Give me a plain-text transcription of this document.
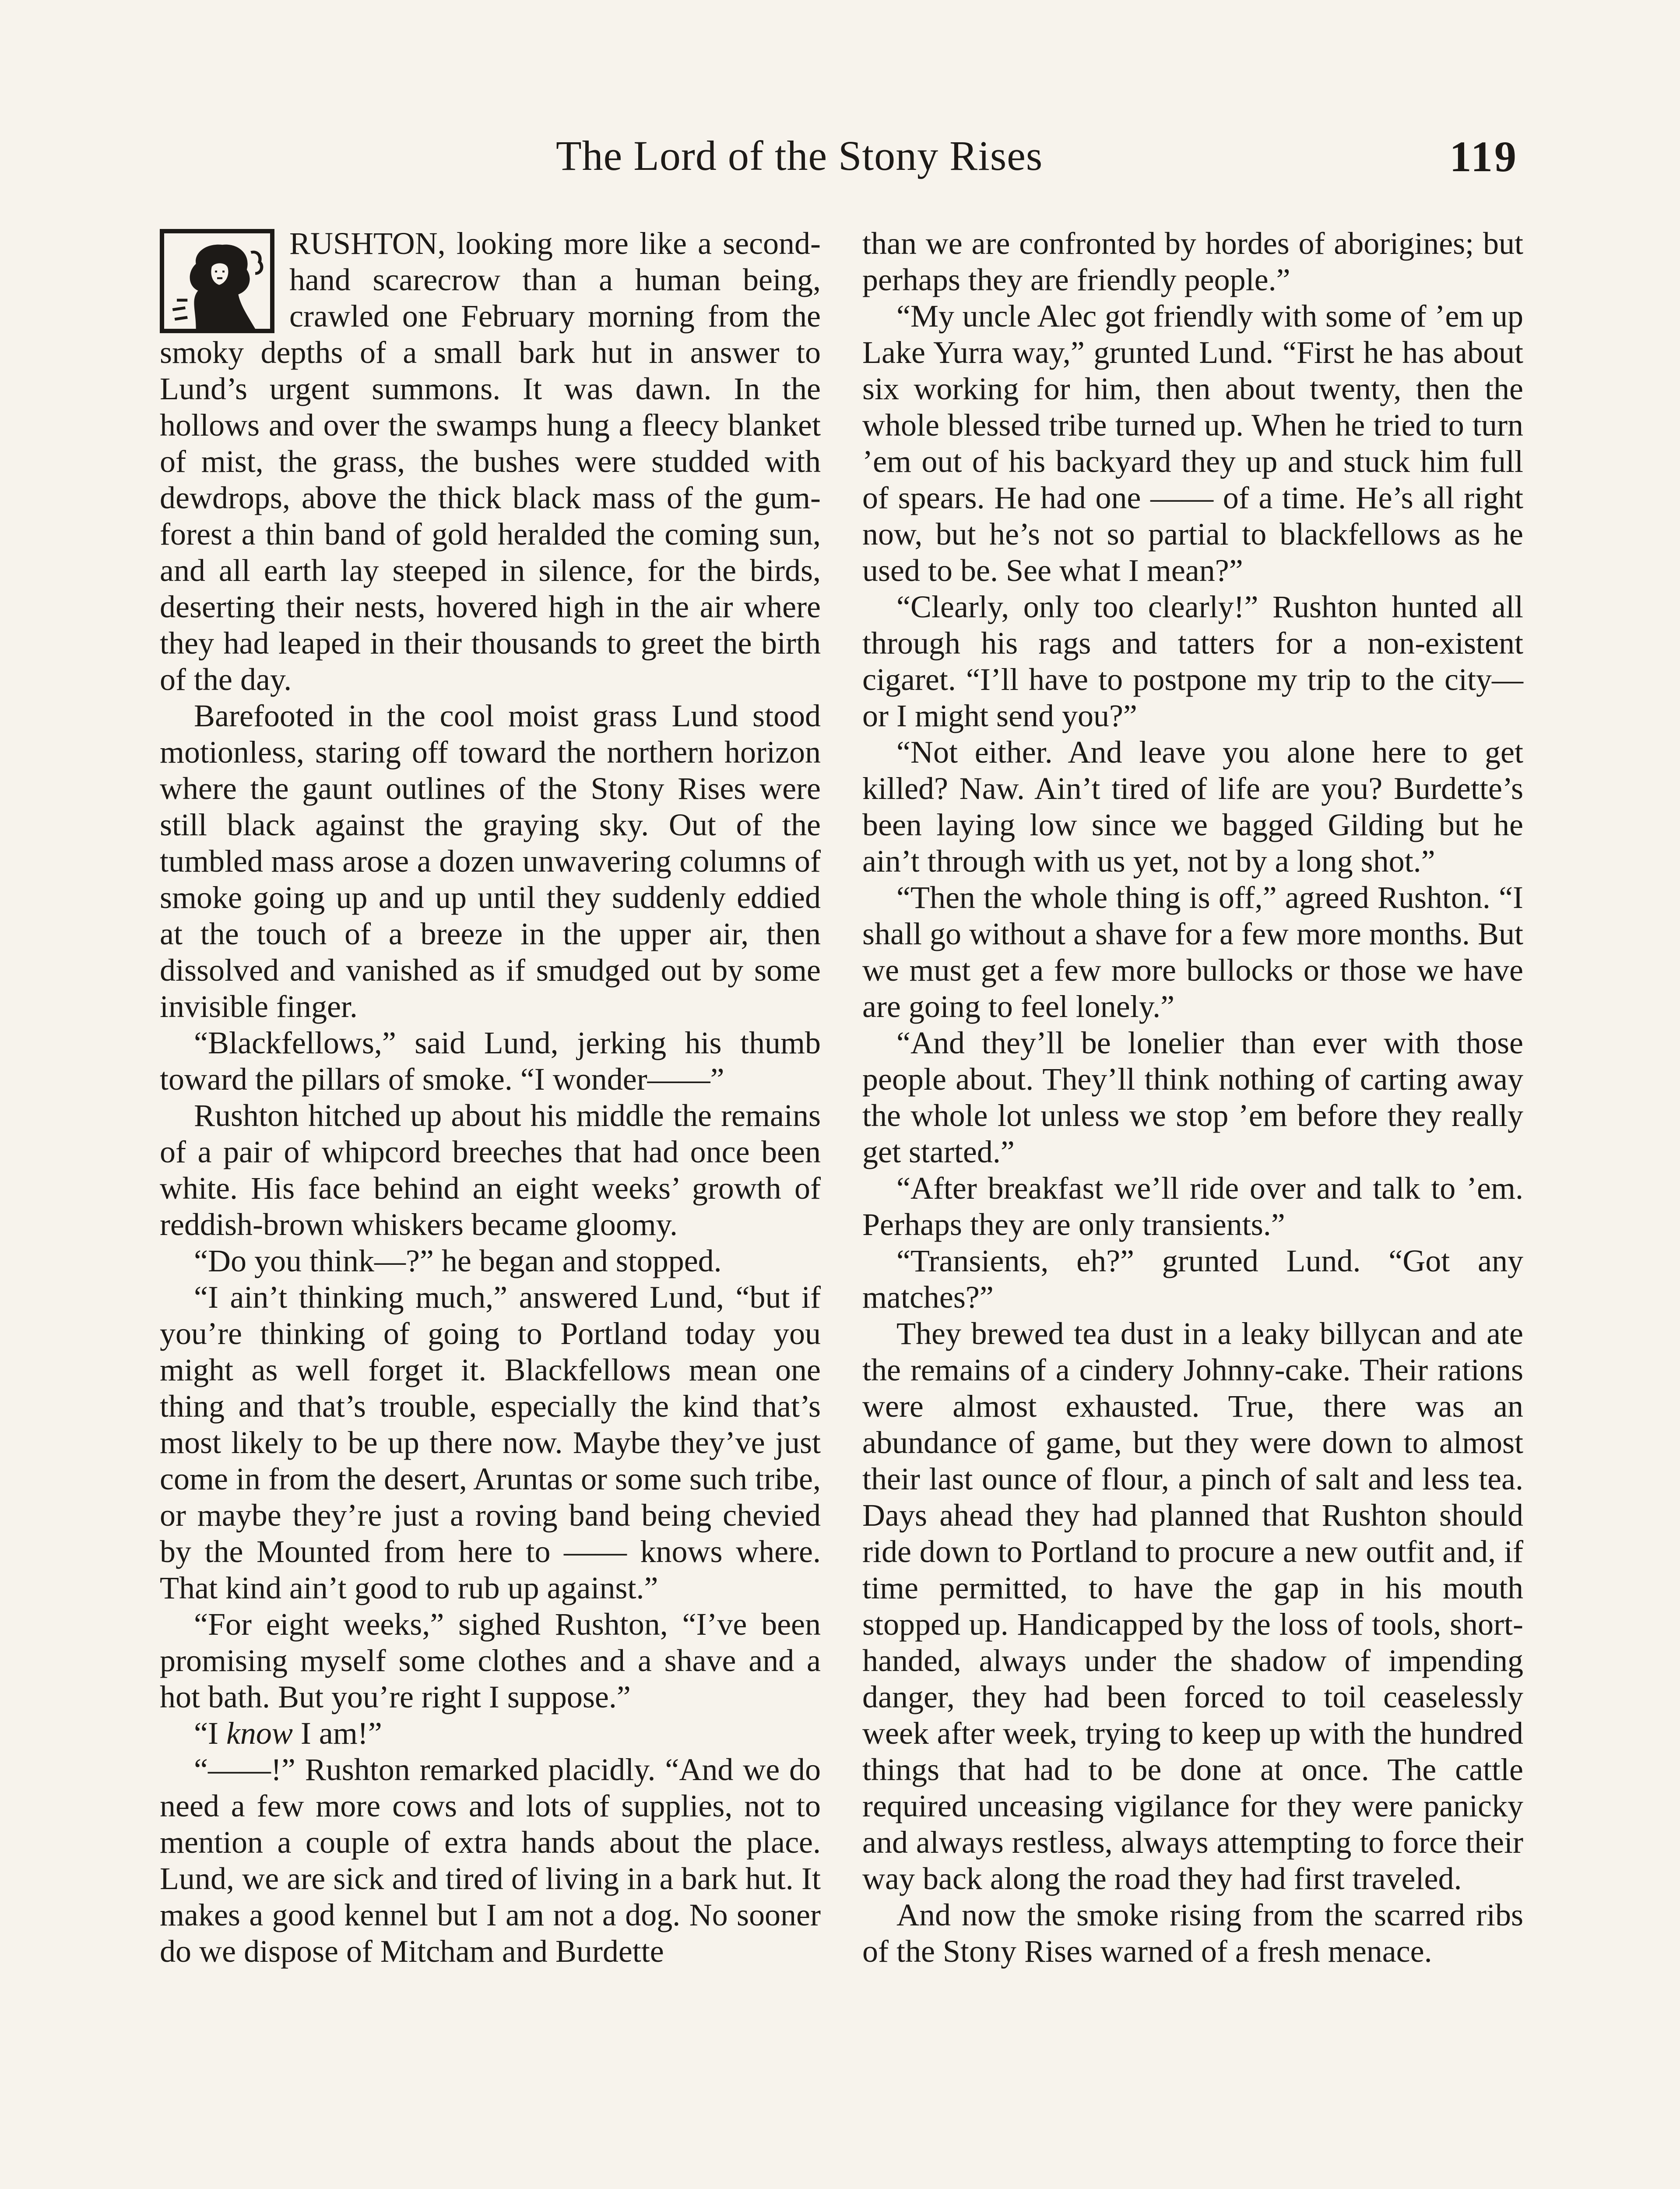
The Lord of the Stony Rises	119

RUSHTON, looking more like a second-hand scarecrow than a human being, crawled one February morning from the smoky depths of a small bark hut in answer to Lund’s urgent summons. It was dawn. In the hollows and over the swamps hung a fleecy blanket of mist, the grass, the bushes were studded with dewdrops, above the thick black mass of the gum-forest a thin band of gold heralded the coming sun, and all earth lay steeped in silence, for the birds, deserting their nests, hovered high in the air where they had leaped in their thousands to greet the birth of the day.

Barefooted in the cool moist grass Lund stood motionless, staring off toward the northern horizon where the gaunt outlines of the Stony Rises were still black against the graying sky. Out of the tumbled mass arose a dozen unwavering columns of smoke going up and up until they suddenly eddied at the touch of a breeze in the upper air, then dissolved and vanished as if smudged out by some invisible finger.

“Blackfellows,” said Lund, jerking his thumb toward the pillars of smoke. “I wonder——”

Rushton hitched up about his middle the remains of a pair of whipcord breeches that had once been white. His face behind an eight weeks’ growth of reddish-brown whiskers became gloomy.

“Do you think—?” he began and stopped.

“I ain’t thinking much,” answered Lund, “but if you’re thinking of going to Portland today you might as well forget it. Blackfellows mean one thing and that’s trouble, especially the kind that’s most likely to be up there now. Maybe they’ve just come in from the desert, Aruntas or some such tribe, or maybe they’re just a roving band being chevied by the Mounted from here to —— knows where. That kind ain’t good to rub up against.”

“For eight weeks,” sighed Rushton, “I’ve been promising myself some clothes and a shave and a hot bath. But you’re right I suppose.”

“I know I am!”

“——!” Rushton remarked placidly. “And we do need a few more cows and lots of supplies, not to mention a couple of extra hands about the place. Lund, we are sick and tired of living in a bark hut. It makes a good kennel but I am not a dog. No sooner do we dispose of Mitcham and Burdette

than we are confronted by hordes of aborigines; but perhaps they are friendly people.”

“My uncle Alec got friendly with some of ’em up Lake Yurra way,” grunted Lund. “First he has about six working for him, then about twenty, then the whole blessed tribe turned up. When he tried to turn ’em out of his backyard they up and stuck him full of spears. He had one —— of a time. He’s all right now, but he’s not so partial to blackfellows as he used to be. See what I mean?”

“Clearly, only too clearly!” Rushton hunted all through his rags and tatters for a non-existent cigaret. “I’ll have to postpone my trip to the city—or I might send you?”

“Not either. And leave you alone here to get killed? Naw. Ain’t tired of life are you? Burdette’s been laying low since we bagged Gilding but he ain’t through with us yet, not by a long shot.”

“Then the whole thing is off,” agreed Rushton. “I shall go without a shave for a few more months. But we must get a few more bullocks or those we have are going to feel lonely.”

“And they’ll be lonelier than ever with those people about. They’ll think nothing of carting away the whole lot unless we stop ’em before they really get started.”

“After breakfast we’ll ride over and talk to ’em. Perhaps they are only transients.”

“Transients, eh?” grunted Lund. “Got any matches?”

They brewed tea dust in a leaky billycan and ate the remains of a cindery Johnny-cake. Their rations were almost exhausted. True, there was an abundance of game, but they were down to almost their last ounce of flour, a pinch of salt and less tea. Days ahead they had planned that Rushton should ride down to Portland to procure a new outfit and, if time permitted, to have the gap in his mouth stopped up. Handicapped by the loss of tools, short-handed, always under the shadow of impending danger, they had been forced to toil ceaselessly week after week, trying to keep up with the hundred things that had to be done at once. The cattle required unceasing vigilance for they were panicky and always restless, always attempting to force their way back along the road they had first traveled.

And now the smoke rising from the scarred ribs of the Stony Rises warned of a fresh menace.
